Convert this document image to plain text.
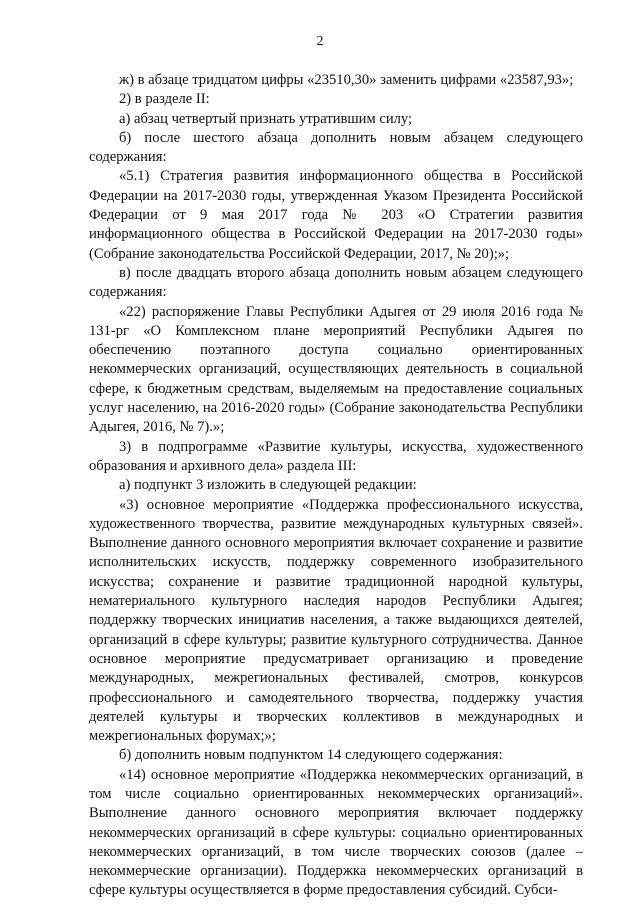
2

ж) в абзаце тридцатом цифры «23510,30» заменить цифрами «23587,93»;

2) в разделе II:

а) абзац четвертый признать утратившим силу;

б) после шестого абзаца дополнить новым абзацем следующего содержания:

«5.1) Стратегия развития информационного общества в Российской Федерации на 2017-2030 годы, утвержденная Указом Президента Российской Федерации от 9 мая 2017 года № 203 «О Стратегии развития информационного общества в Российской Федерации на 2017-2030 годы» (Собрание законодательства Российской Федерации, 2017, № 20);»;

в) после двадцать второго абзаца дополнить новым абзацем следующего содержания:

«22) распоряжение Главы Республики Адыгея от 29 июля 2016 года № 131-рг «О Комплексном плане мероприятий Республики Адыгея по обеспечению поэтапного доступа социально ориентированных некоммерческих организаций, осуществляющих деятельность в социальной сфере, к бюджетным средствам, выделяемым на предоставление социальных услуг населению, на 2016-2020 годы» (Собрание законодательства Республики Адыгея, 2016, № 7).»;

3) в подпрограмме «Развитие культуры, искусства, художественного образования и архивного дела» раздела III:

а) подпункт 3 изложить в следующей редакции:

«3) основное мероприятие «Поддержка профессионального искусства, художественного творчества, развитие международных культурных связей». Выполнение данного основного мероприятия включает сохранение и развитие исполнительских искусств, поддержку современного изобразительного искусства; сохранение и развитие традиционной народной культуры, нематериального культурного наследия народов Республики Адыгея; поддержку творческих инициатив населения, а также выдающихся деятелей, организаций в сфере культуры; развитие культурного сотрудничества. Данное основное мероприятие предусматривает организацию и проведение международных, межрегиональных фестивалей, смотров, конкурсов профессионального и самодеятельного творчества, поддержку участия деятелей культуры и творческих коллективов в международных и межрегиональных форумах;»;

б) дополнить новым подпунктом 14 следующего содержания:

«14) основное мероприятие «Поддержка некоммерческих организаций, в том числе социально ориентированных некоммерческих организаций». Выполнение данного основного мероприятия включает поддержку некоммерческих организаций в сфере культуры: социально ориентированных некоммерческих организаций, в том числе творческих союзов (далее – некоммерческие организации). Поддержка некоммерческих организаций в сфере культуры осуществляется в форме предоставления субсидий. Субси-
